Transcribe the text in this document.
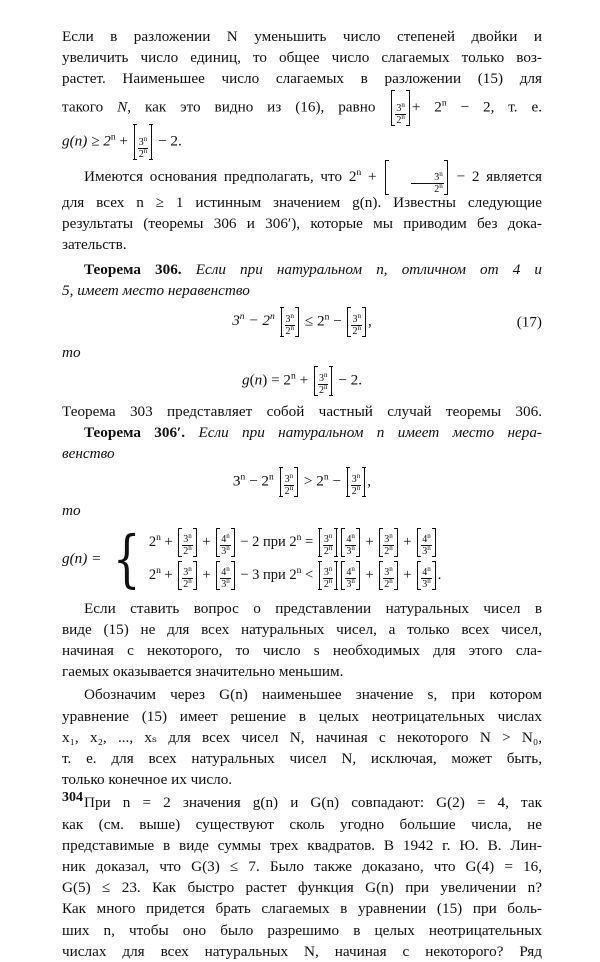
Если в разложении N уменьшить число степеней двойки и

увеличить число единиц, то общее число слагаемых только воз-

растет. Наименьшее число слагаемых в разложении (15) для

такого N, как это видно из (16), равно $\frac{3^n}{2^n} + 2^n - 2$, т. е.

$g(n) \ge 2^n + \frac{3^n}{2^n} - 2$.

Имеются основания предполагать, что $2^n$ +	$\frac{3^n}{2^n} - 2$ является

для всех n ≥ 1 истинным значением g(n). Известны следующие

результаты (теоремы 306 и 306′), которые мы приводим без дока-

зательств.

Теорема 306. Если при натуральном n, отличном от 4 и

5, имеет место неравенство

$3^n - 2^n \frac{3^n}{2^n} \le 2^n - \frac{3^n}{2^n}$ ,	(17)

то

$g(n) = 2^n + \frac{3^n}{2^n} - 2$.

Теорема 303 представляет собой частный случай теоремы 306.

Теорема 306′. Если при натуральном n имеет место нера-

венство

$3^n - 2^n \frac{3^n}{2^n} > 2^n - \frac{3^n}{2^n}$ ,

то

g(n) = { $2^n + \frac{3^n}{2^n} + \frac{4^n}{3^n} - 2$ при $2^n = \frac{3^n}{2^n} \frac{4^n}{3^n} + \frac{3^n}{2^n} + \frac{4^n}{3^n}$
$2^n + \frac{3^n}{2^n} + \frac{4^n}{3^n} - 3$ при $2^n < \frac{3^n}{2^n} \frac{4^n}{3^n} + \frac{3^n}{2^n} + \frac{4^n}{3^n}$ .

Если ставить вопрос о представлении натуральных чисел в

виде (15) не для всех натуральных чисел, а только всех чисел,

начиная с некоторого, то число s необходимых для этого сла-

гаемых оказывается значительно меньшим.

Обозначим через G(n) наименьшее значение s, при котором

уравнение (15) имеет решение в целых неотрицательных числах

x₁, x₂, ..., xₛ для всех чисел N, начиная с некоторого N > N₀,

т. е. для всех натуральных чисел N, исключая, может быть,

только конечное их число.

При n = 2 значения g(n) и G(n) совпадают: G(2) = 4, так

как (см. выше) существуют сколь угодно большие числа, не

представимые в виде суммы трех квадратов. В 1942 г. Ю. В. Лин-

ник доказал, что G(3) ≤ 7. Было также доказано, что G(4) = 16,

G(5) ≤ 23. Как быстро растет функция G(n) при увеличении n?

Как много придется брать слагаемых в уравнении (15) при боль-

ших n, чтобы оно было разрешимо в целых неотрицательных

числах для всех натуральных N, начиная с некоторого? Ряд

304
